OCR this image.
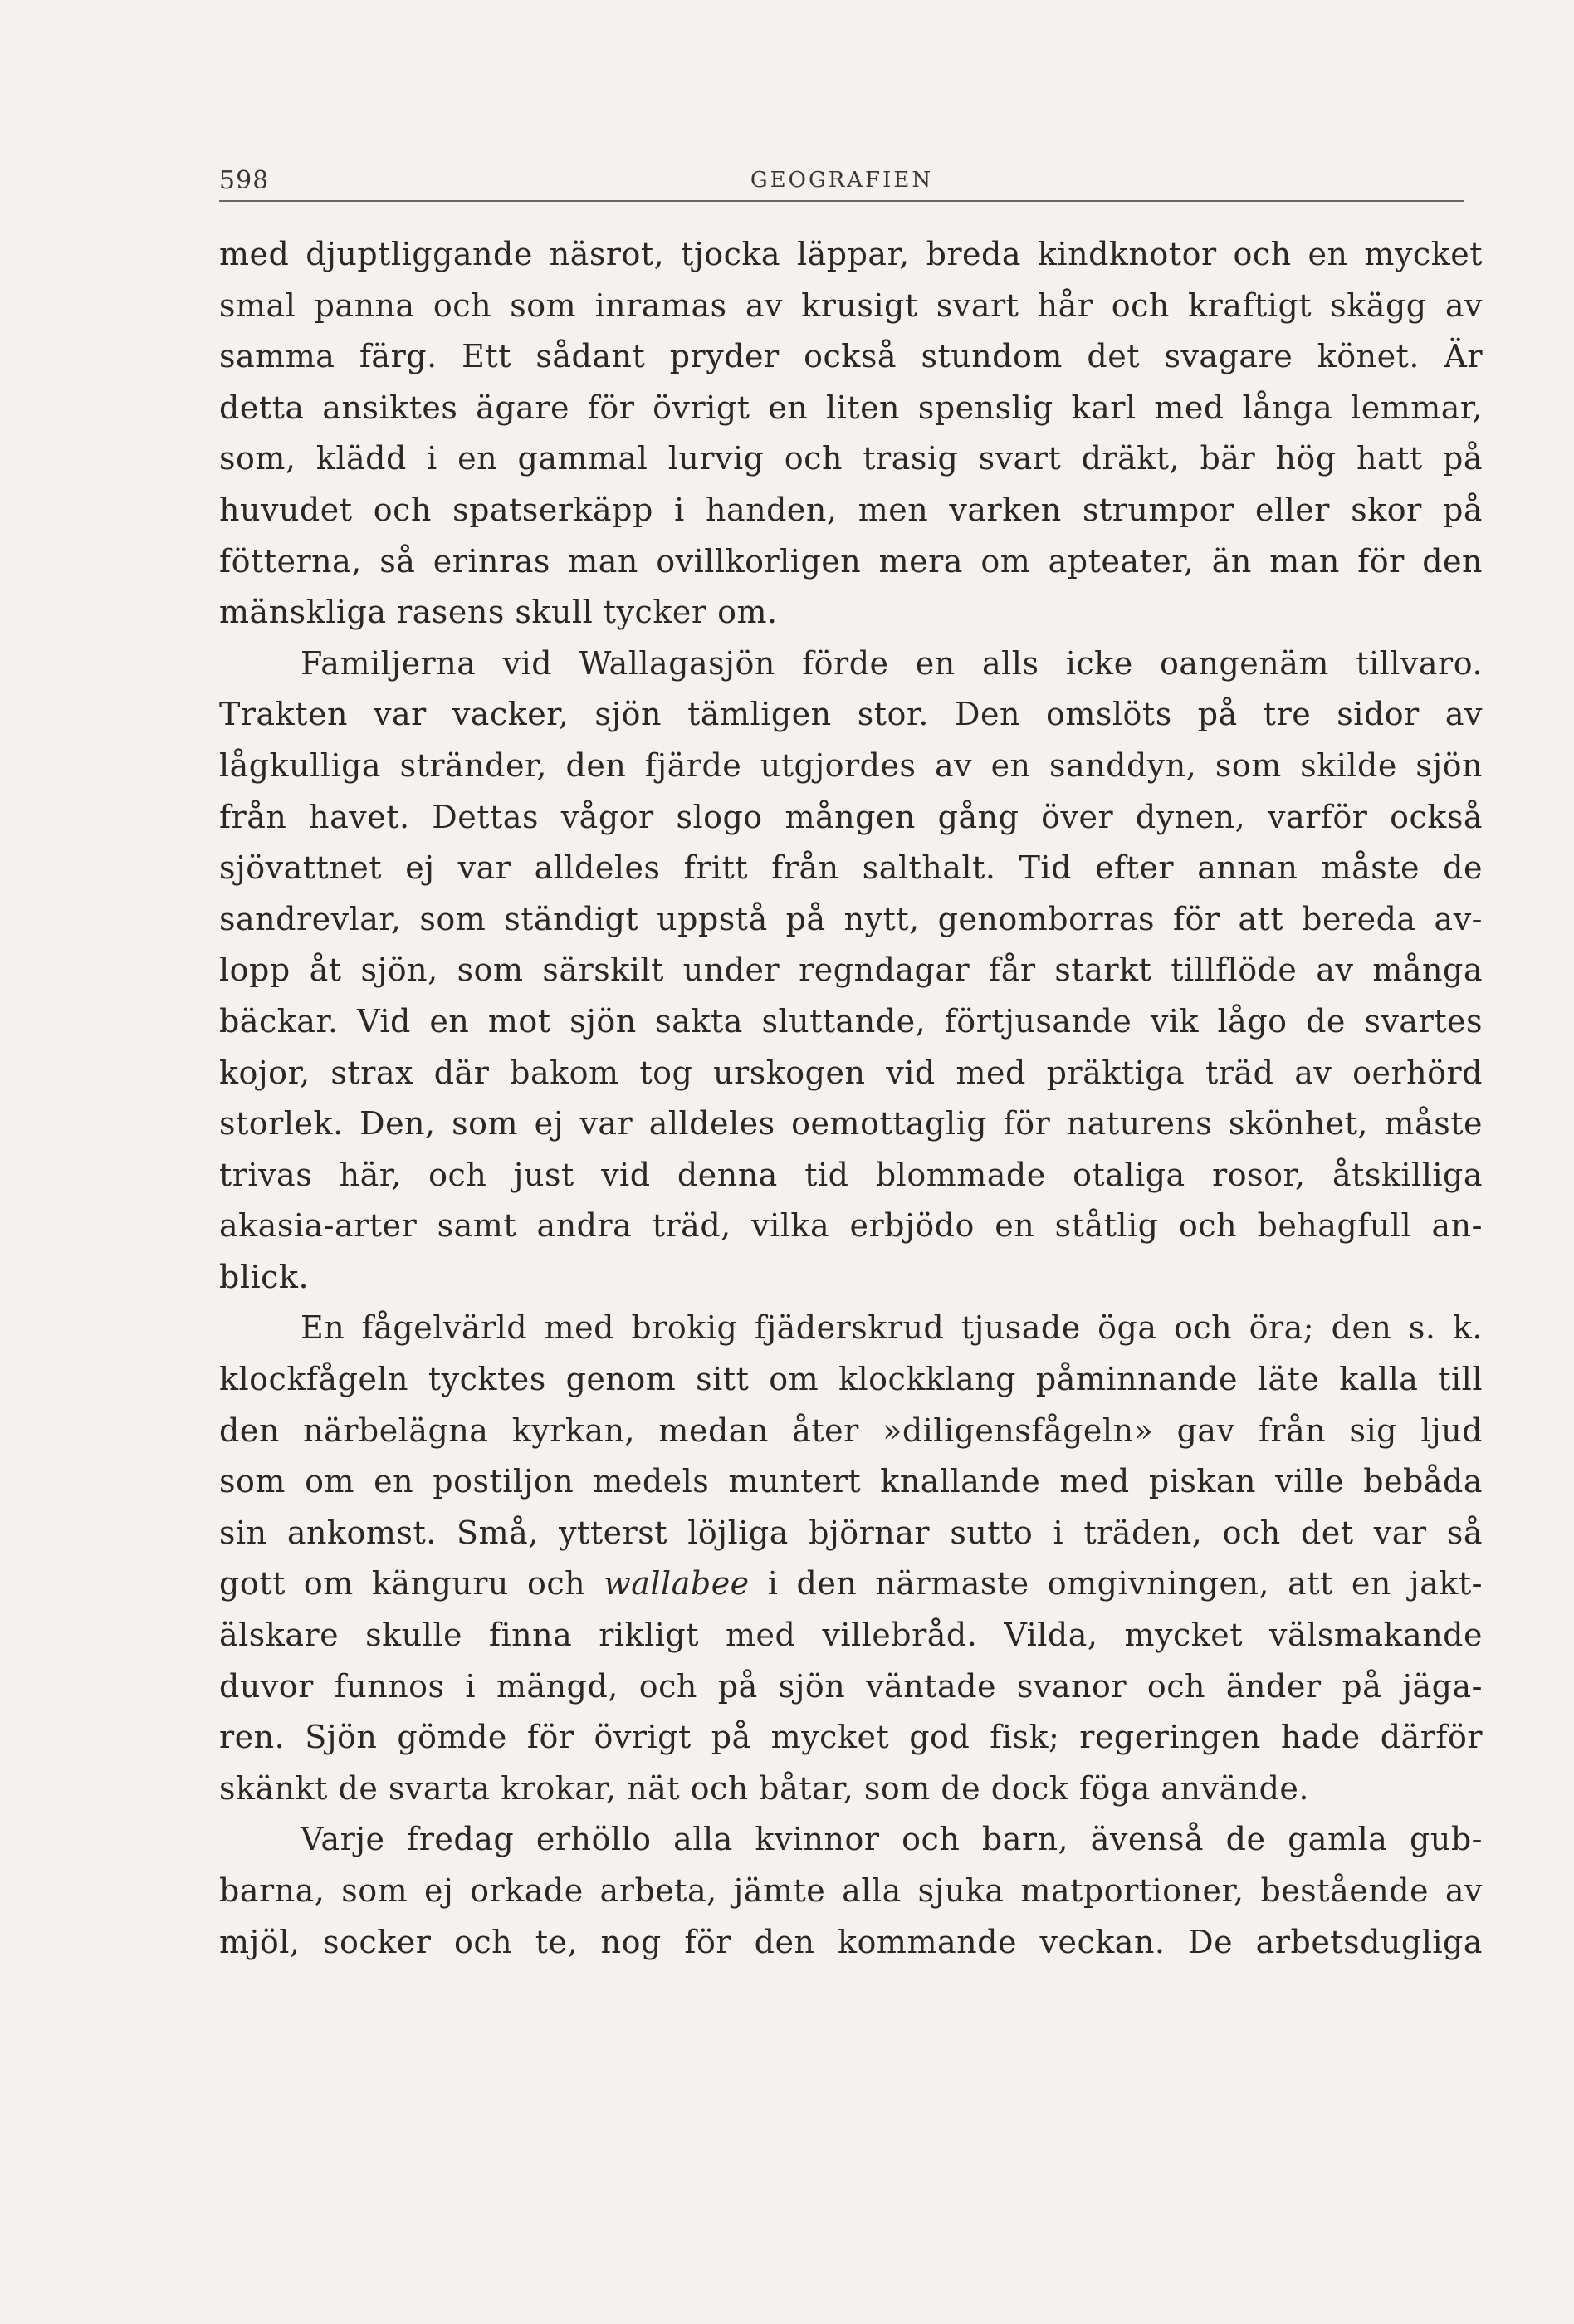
598	GEOGRAFIEN
med djuptliggande näsrot, tjocka läppar, breda kindknotor och en mycket
smal panna och som inramas av krusigt svart hår och kraftigt skägg av
samma färg. Ett sådant pryder också stundom det svagare könet. Är
detta ansiktes ägare för övrigt en liten spenslig karl med långa lemmar,
som, klädd i en gammal lurvig och trasig svart dräkt, bär hög hatt på
huvudet och spatserkäpp i handen, men varken strumpor eller skor på
fötterna, så erinras man ovillkorligen mera om apteater, än man för den
mänskliga rasens skull tycker om.
Familjerna vid Wallagasjön förde en alls icke oangenäm tillvaro.
Trakten var vacker, sjön tämligen stor. Den omslöts på tre sidor av
lågkulliga stränder, den fjärde utgjordes av en sanddyn, som skilde sjön
från havet. Dettas vågor slogo mången gång över dynen, varför också
sjövattnet ej var alldeles fritt från salthalt. Tid efter annan måste de
sandrevlar, som ständigt uppstå på nytt, genomborras för att bereda av-
lopp åt sjön, som särskilt under regndagar får starkt tillflöde av många
bäckar. Vid en mot sjön sakta sluttande, förtjusande vik lågo de svartes
kojor, strax där bakom tog urskogen vid med präktiga träd av oerhörd
storlek. Den, som ej var alldeles oemottaglig för naturens skönhet, måste
trivas här, och just vid denna tid blommade otaliga rosor, åtskilliga
akasia-arter samt andra träd, vilka erbjödo en ståtlig och behagfull an-
blick.
En fågelvärld med brokig fjäderskrud tjusade öga och öra; den s. k.
klockfågeln tycktes genom sitt om klockklang påminnande läte kalla till
den närbelägna kyrkan, medan åter »diligensfågeln» gav från sig ljud
som om en postiljon medels muntert knallande med piskan ville bebåda
sin ankomst. Små, ytterst löjliga björnar sutto i träden, och det var så
gott om känguru och wallabee i den närmaste omgivningen, att en jakt-
älskare skulle finna rikligt med villebråd. Vilda, mycket välsmakande
duvor funnos i mängd, och på sjön väntade svanor och änder på jäga-
ren. Sjön gömde för övrigt på mycket god fisk; regeringen hade därför
skänkt de svarta krokar, nät och båtar, som de dock föga använde.
Varje fredag erhöllo alla kvinnor och barn, ävenså de gamla gub-
barna, som ej orkade arbeta, jämte alla sjuka matportioner, bestående av
mjöl, socker och te, nog för den kommande veckan. De arbetsdugliga
